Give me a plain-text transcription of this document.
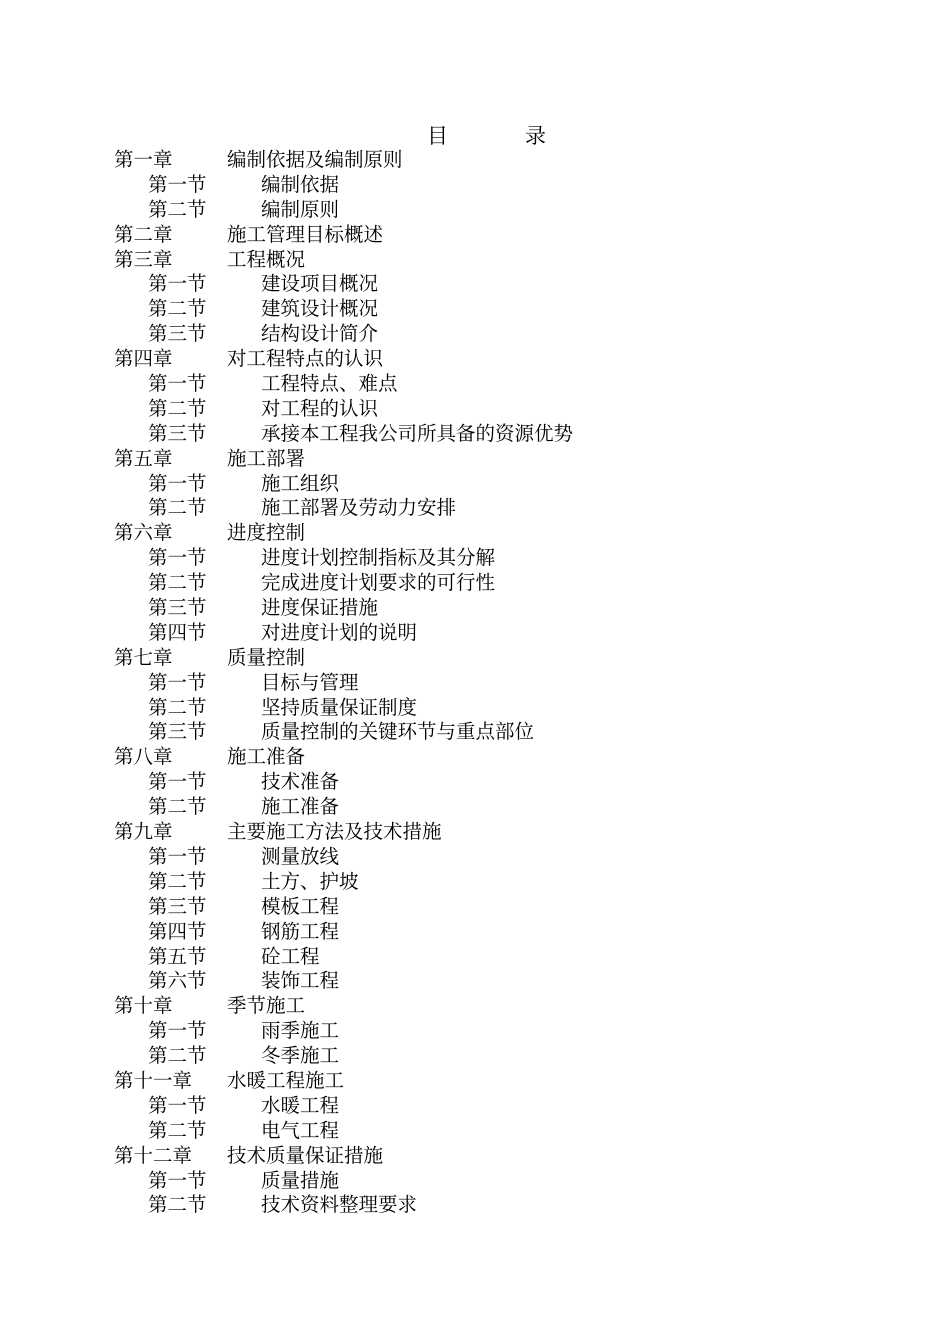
目	录
第一章	编制依据及编制原则
第一节	编制依据
第二节	编制原则
第二章	施工管理目标概述
第三章	工程概况
第一节	建设项目概况
第二节	建筑设计概况
第三节	结构设计简介
第四章	对工程特点的认识
第一节	工程特点、难点
第二节	对工程的认识
第三节	承接本工程我公司所具备的资源优势
第五章	施工部署
第一节	施工组织
第二节	施工部署及劳动力安排
第六章	进度控制
第一节	进度计划控制指标及其分解
第二节	完成进度计划要求的可行性
第三节	进度保证措施
第四节	对进度计划的说明
第七章	质量控制
第一节	目标与管理
第二节	坚持质量保证制度
第三节	质量控制的关键环节与重点部位
第八章	施工准备
第一节	技术准备
第二节	施工准备
第九章	主要施工方法及技术措施
第一节	测量放线
第二节	土方、护坡
第三节	模板工程
第四节	钢筋工程
第五节	砼工程
第六节	装饰工程
第十章	季节施工
第一节	雨季施工
第二节	冬季施工
第十一章 水暖工程施工
第一节	水暖工程
第二节	电气工程
第十二章 技术质量保证措施
第一节	质量措施
第二节	技术资料整理要求
